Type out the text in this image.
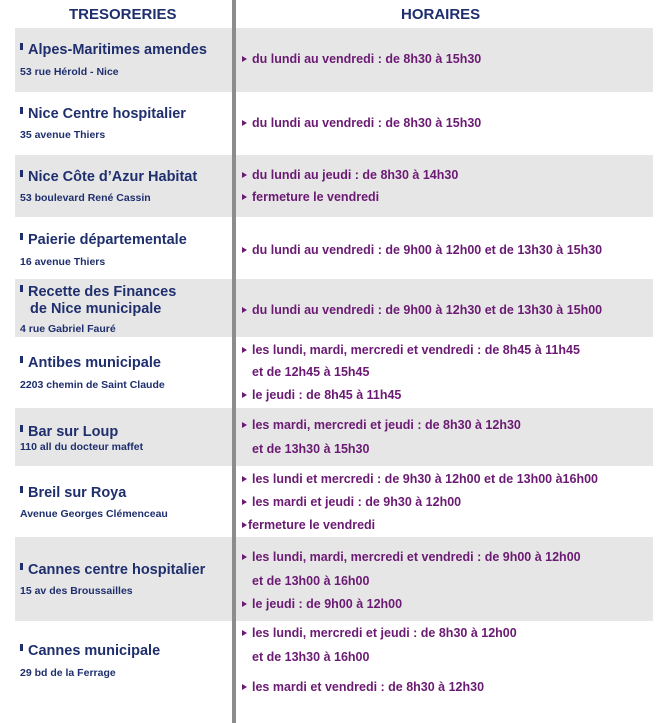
TRESORERIES	HORAIRES
Alpes-Maritimes amendes
53 rue Hérold - Nice
du lundi au vendredi : de 8h30 à 15h30
Nice Centre hospitalier
35 avenue Thiers
du lundi au vendredi : de 8h30 à 15h30
Nice Côte d’Azur Habitat
53 boulevard René Cassin
du lundi au jeudi : de 8h30 à 14h30
fermeture le vendredi
Paierie départementale
16 avenue Thiers
du lundi au vendredi : de 9h00 à 12h00 et de 13h30 à 15h30
Recette des Finances
de Nice municipale
4 rue Gabriel Fauré
du lundi au vendredi : de 9h00 à 12h30 et de 13h30 à 15h00
Antibes municipale
2203 chemin de Saint Claude
les lundi, mardi, mercredi et vendredi : de 8h45 à 11h45
et de 12h45 à 15h45
le jeudi : de 8h45 à 11h45
Bar sur Loup
110 all du docteur maffet
les mardi, mercredi et jeudi : de 8h30 à 12h30
et de 13h30 à 15h30
Breil sur Roya
Avenue Georges Clémenceau
les lundi et mercredi : de 9h30 à 12h00 et de 13h00 à16h00
les mardi et jeudi : de 9h30 à 12h00
fermeture le vendredi
Cannes centre hospitalier
15 av des Broussailles
les lundi, mardi, mercredi et vendredi : de 9h00 à 12h00
et de 13h00 à 16h00
le jeudi : de 9h00 à 12h00
Cannes municipale
29 bd de la Ferrage
les lundi, mercredi et jeudi : de 8h30 à 12h00
et de 13h30 à 16h00
les mardi et vendredi : de 8h30 à 12h30
